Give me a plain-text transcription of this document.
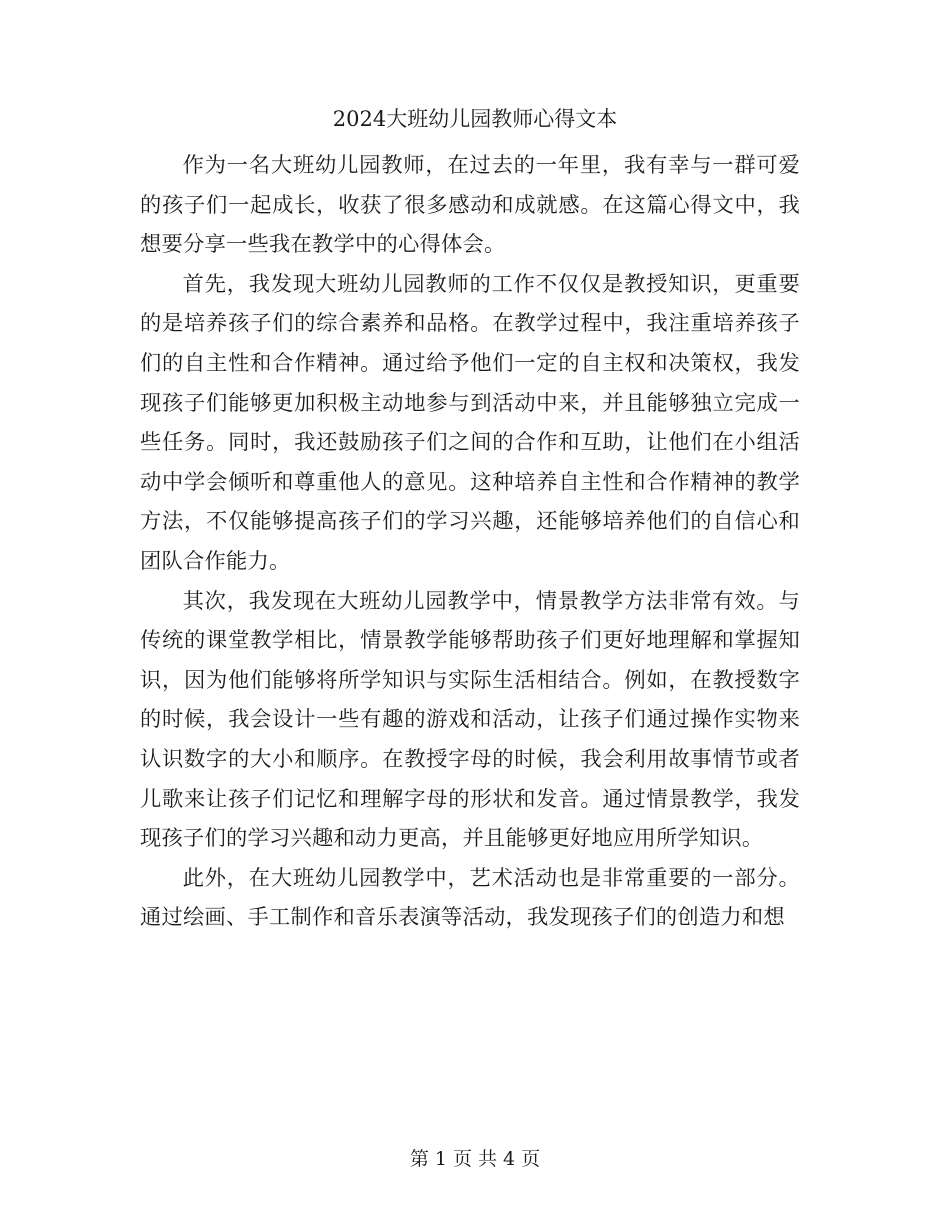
2024大班幼儿园教师心得文本

作为一名大班幼儿园教师，在过去的一年里，我有幸与一群可爱的孩子们一起成长，收获了很多感动和成就感。在这篇心得文中，我想要分享一些我在教学中的心得体会。

首先，我发现大班幼儿园教师的工作不仅仅是教授知识，更重要的是培养孩子们的综合素养和品格。在教学过程中，我注重培养孩子们的自主性和合作精神。通过给予他们一定的自主权和决策权，我发现孩子们能够更加积极主动地参与到活动中来，并且能够独立完成一些任务。同时，我还鼓励孩子们之间的合作和互助，让他们在小组活动中学会倾听和尊重他人的意见。这种培养自主性和合作精神的教学方法，不仅能够提高孩子们的学习兴趣，还能够培养他们的自信心和团队合作能力。

其次，我发现在大班幼儿园教学中，情景教学方法非常有效。与传统的课堂教学相比，情景教学能够帮助孩子们更好地理解和掌握知识，因为他们能够将所学知识与实际生活相结合。例如，在教授数字的时候，我会设计一些有趣的游戏和活动，让孩子们通过操作实物来认识数字的大小和顺序。在教授字母的时候，我会利用故事情节或者儿歌来让孩子们记忆和理解字母的形状和发音。通过情景教学，我发现孩子们的学习兴趣和动力更高，并且能够更好地应用所学知识。

此外，在大班幼儿园教学中，艺术活动也是非常重要的一部分。通过绘画、手工制作和音乐表演等活动，我发现孩子们的创造力和想

第 1 页 共 4 页
